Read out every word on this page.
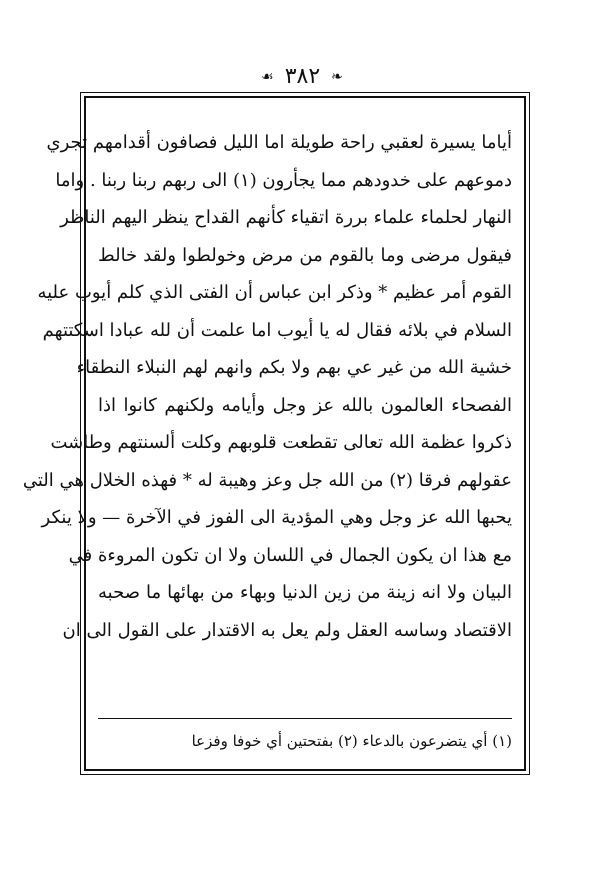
❧ ٣٨٢ ☙
أياما يسيرة لعقبي راحة طويلة اما الليل فصافون أقدامهم تجري
دموعهم على خدودهم مما يجأرون (١) الى ربهم ربنا ربنا . واما
النهار لحلماء علماء بررة اتقياء كأنهم القداح ينظر اليهم الناظر
فيقول مرضى وما بالقوم من مرض وخولطوا ولقد خالط
القوم أمر عظيم * وذكر ابن عباس أن الفتى الذي كلم أيوب عليه
السلام في بلائه فقال له يا أيوب اما علمت أن لله عبادا اسكتتهم
خشية الله من غير عي بهم ولا بكم وانهم لهم النبلاء النطقاء
الفصحاء العالمون بالله عز وجل وأيامه ولكنهم كانوا اذا
ذكروا عظمة الله تعالى تقطعت قلوبهم وكلت ألسنتهم وطاشت
عقولهم فرقا (٢) من الله جل وعز وهيبة له * فهذه الخلال هي التي
يحبها الله عز وجل وهي المؤدية الى الفوز في الآخرة — ولا ينكر
مع هذا ان يكون الجمال في اللسان ولا ان تكون المروءة في
البيان ولا انه زينة من زين الدنيا وبهاء من بهائها ما صحبه
الاقتصاد وساسه العقل ولم يعل به الاقتدار على القول الى ان
(١) أي يتضرعون بالدعاء (٢) بفتحتين أي خوفا وفزعا
